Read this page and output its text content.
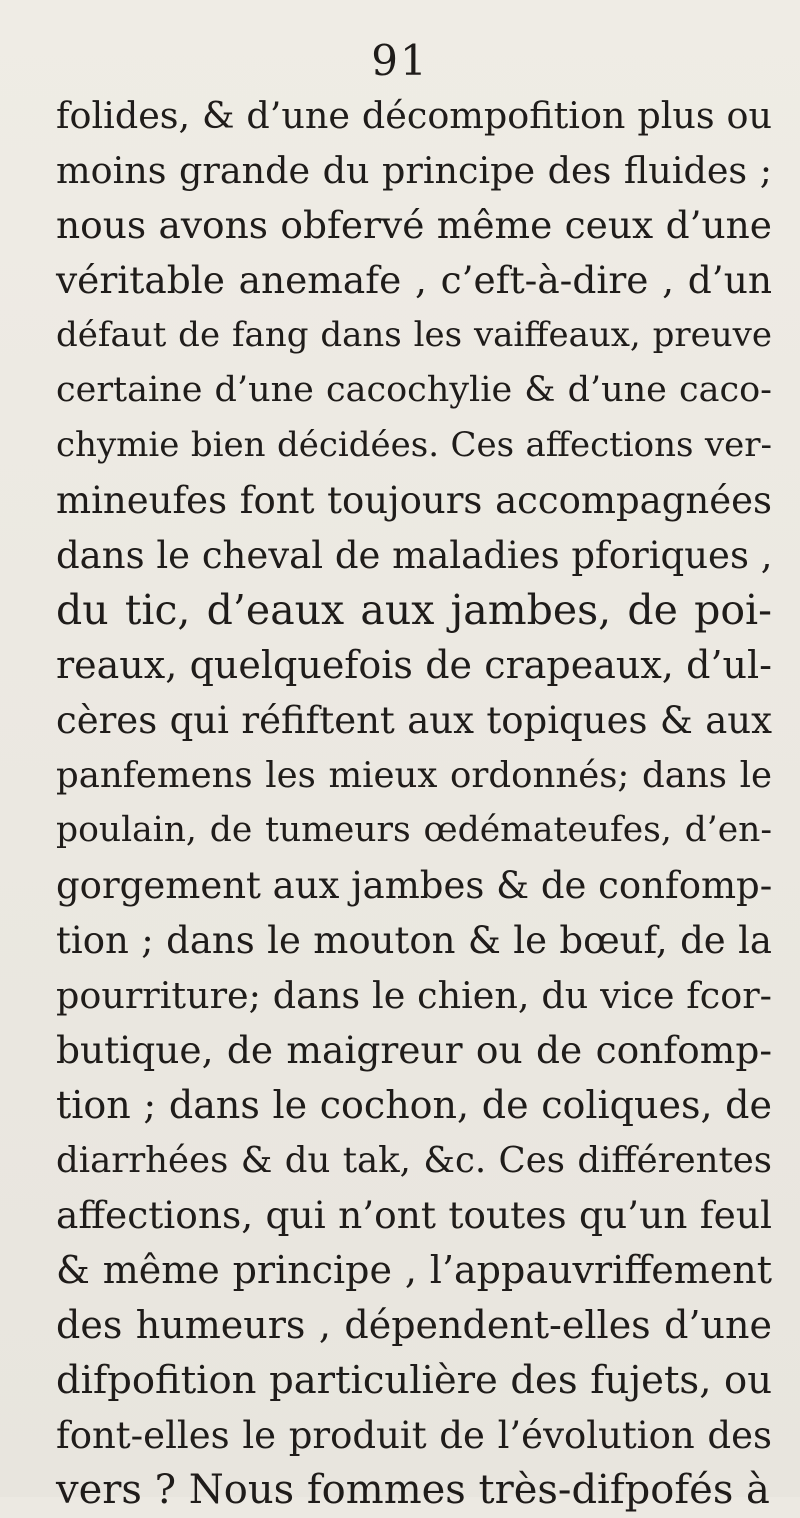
91
folides, & d’une décompofition plus ou
moins grande du principe des fluides ;
nous avons obfervé même ceux d’une
véritable anemafe , c’eft-à-dire , d’un
défaut de fang dans les vaiffeaux, preuve
certaine d’une cacochylie & d’une caco-
chymie bien décidées. Ces affections ver-
mineufes font toujours accompagnées
dans le cheval de maladies pforiques ,
du tic, d’eaux aux jambes, de poi-
reaux, quelquefois de crapeaux, d’ul-
cères qui réfiftent aux topiques & aux
panfemens les mieux ordonnés; dans le
poulain, de tumeurs œdémateufes, d’en-
gorgement aux jambes & de confomp-
tion ; dans le mouton & le bœuf, de la
pourriture; dans le chien, du vice fcor-
butique, de maigreur ou de confomp-
tion ; dans le cochon, de coliques, de
diarrhées & du tak, &c. Ces différentes
affections, qui n’ont toutes qu’un feul
& même principe , l’appauvriffement
des humeurs , dépendent-elles d’une
difpofition particulière des fujets, ou
font-elles le produit de l’évolution des
vers ? Nous fommes très-difpofés à
